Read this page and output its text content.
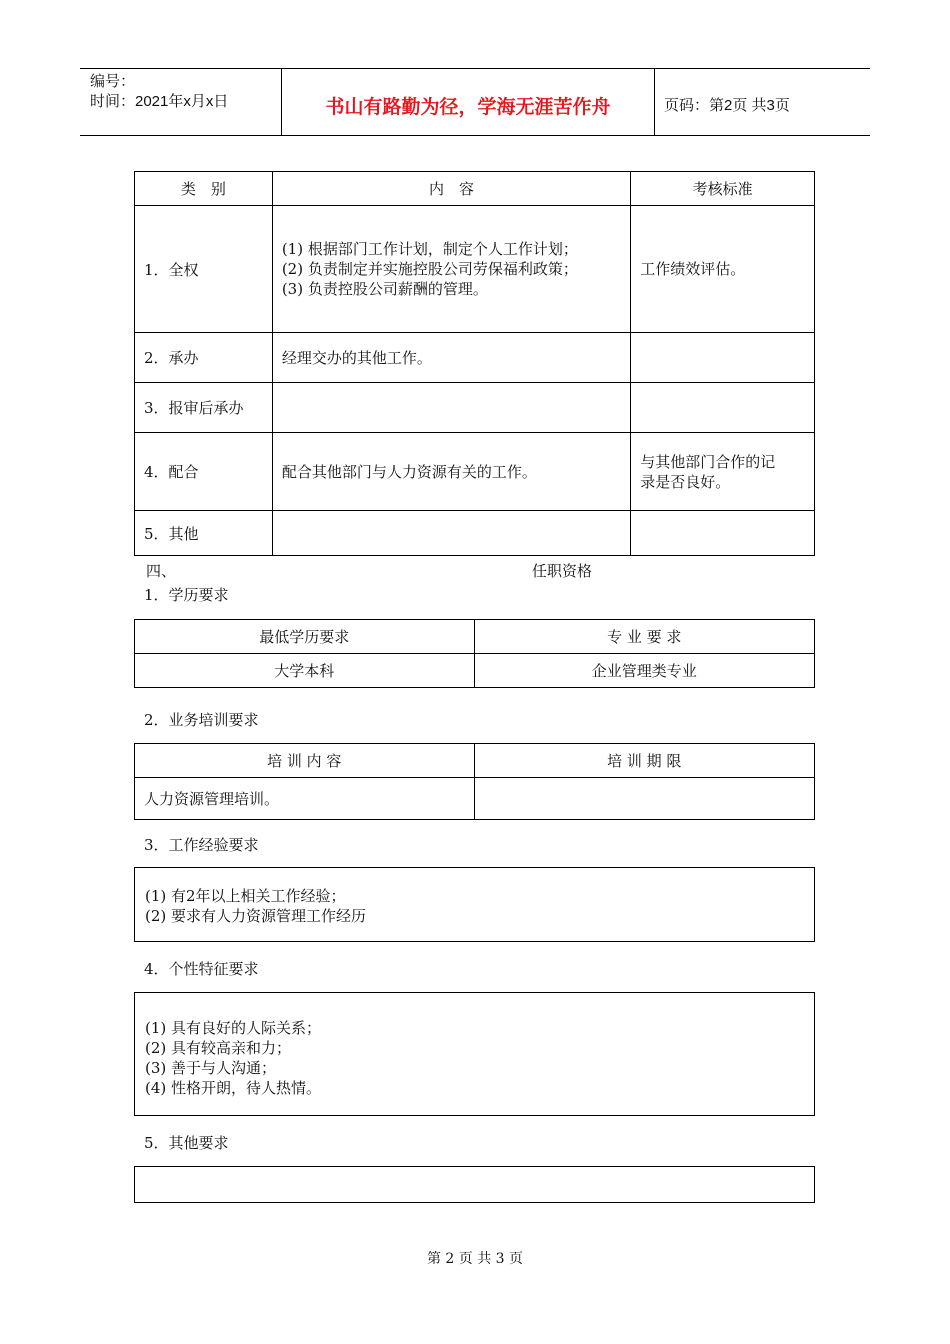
编号：
时间：2021年x月x日	书山有路勤为径，学海无涯苦作舟	页码：第2页 共3页
类　别	内　容	考核标准
1．全权	(1) 根据部门工作计划，制定个人工作计划；
(2) 负责制定并实施控股公司劳保福利政策；
(3) 负责控股公司薪酬的管理。	工作绩效评估。

2．承办	经理交办的其他工作。	
3．报审后承办		
4．配合	配合其他部门与人力资源有关的工作。	与其他部门合作的记
录是否良好。

5．其他		
四、	任职资格
1．学历要求
最低学历要求	专 业 要 求
大学本科	企业管理类专业
2．业务培训要求
培 训 内 容	培 训 期 限
人力资源管理培训。	
3．工作经验要求
(1) 有2年以上相关工作经验；
(2) 要求有人力资源管理工作经历
4．个性特征要求
(1) 具有良好的人际关系；
(2) 具有较高亲和力；
(3) 善于与人沟通；
(4) 性格开朗，待人热情。
5．其他要求
第 2 页 共 3 页
